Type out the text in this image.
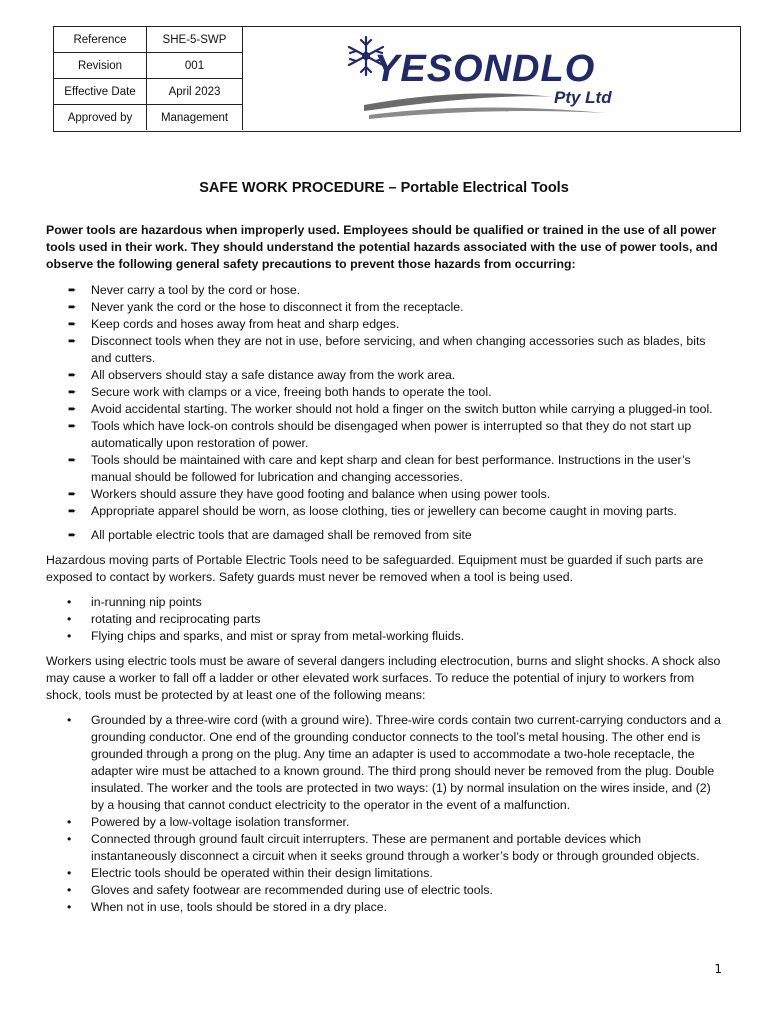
Reference	SHE-5-SWP
Revision	001
Effective Date	April 2023
Approved by	Management
YESONDLO
Pty Ltd
SAFE WORK PROCEDURE – Portable Electrical Tools

Power tools are hazardous when improperly used. Employees should be qualified or trained in the use of all power tools used in their work. They should understand the potential hazards associated with the use of power tools, and observe the following general safety precautions to prevent those hazards from occurring:

➨ Never carry a tool by the cord or hose.
➨ Never yank the cord or the hose to disconnect it from the receptacle.
➨ Keep cords and hoses away from heat and sharp edges.
➨ Disconnect tools when they are not in use, before servicing, and when changing accessories such as blades, bits and cutters.
➨ All observers should stay a safe distance away from the work area.
➨ Secure work with clamps or a vice, freeing both hands to operate the tool.
➨ Avoid accidental starting. The worker should not hold a finger on the switch button while carrying a plugged-in tool.
➨ Tools which have lock-on controls should be disengaged when power is interrupted so that they do not start up automatically upon restoration of power.
➨ Tools should be maintained with care and kept sharp and clean for best performance. Instructions in the user’s manual should be followed for lubrication and changing accessories.
➨ Workers should assure they have good footing and balance when using power tools.
➨ Appropriate apparel should be worn, as loose clothing, ties or jewellery can become caught in moving parts.
➨ All portable electric tools that are damaged shall be removed from site

Hazardous moving parts of Portable Electric Tools need to be safeguarded. Equipment must be guarded if such parts are exposed to contact by workers. Safety guards must never be removed when a tool is being used.

• in-running nip points
• rotating and reciprocating parts
• Flying chips and sparks, and mist or spray from metal-working fluids.

Workers using electric tools must be aware of several dangers including electrocution, burns and slight shocks. A shock also may cause a worker to fall off a ladder or other elevated work surfaces. To reduce the potential of injury to workers from shock, tools must be protected by at least one of the following means:

• Grounded by a three-wire cord (with a ground wire). Three-wire cords contain two current-carrying conductors and a grounding conductor. One end of the grounding conductor connects to the tool’s metal housing. The other end is grounded through a prong on the plug. Any time an adapter is used to accommodate a two-hole receptacle, the adapter wire must be attached to a known ground. The third prong should never be removed from the plug. Double insulated. The worker and the tools are protected in two ways: (1) by normal insulation on the wires inside, and (2) by a housing that cannot conduct electricity to the operator in the event of a malfunction.
• Powered by a low-voltage isolation transformer.
• Connected through ground fault circuit interrupters. These are permanent and portable devices which instantaneously disconnect a circuit when it seeks ground through a worker’s body or through grounded objects.
• Electric tools should be operated within their design limitations.
• Gloves and safety footwear are recommended during use of electric tools.
• When not in use, tools should be stored in a dry place.
1
